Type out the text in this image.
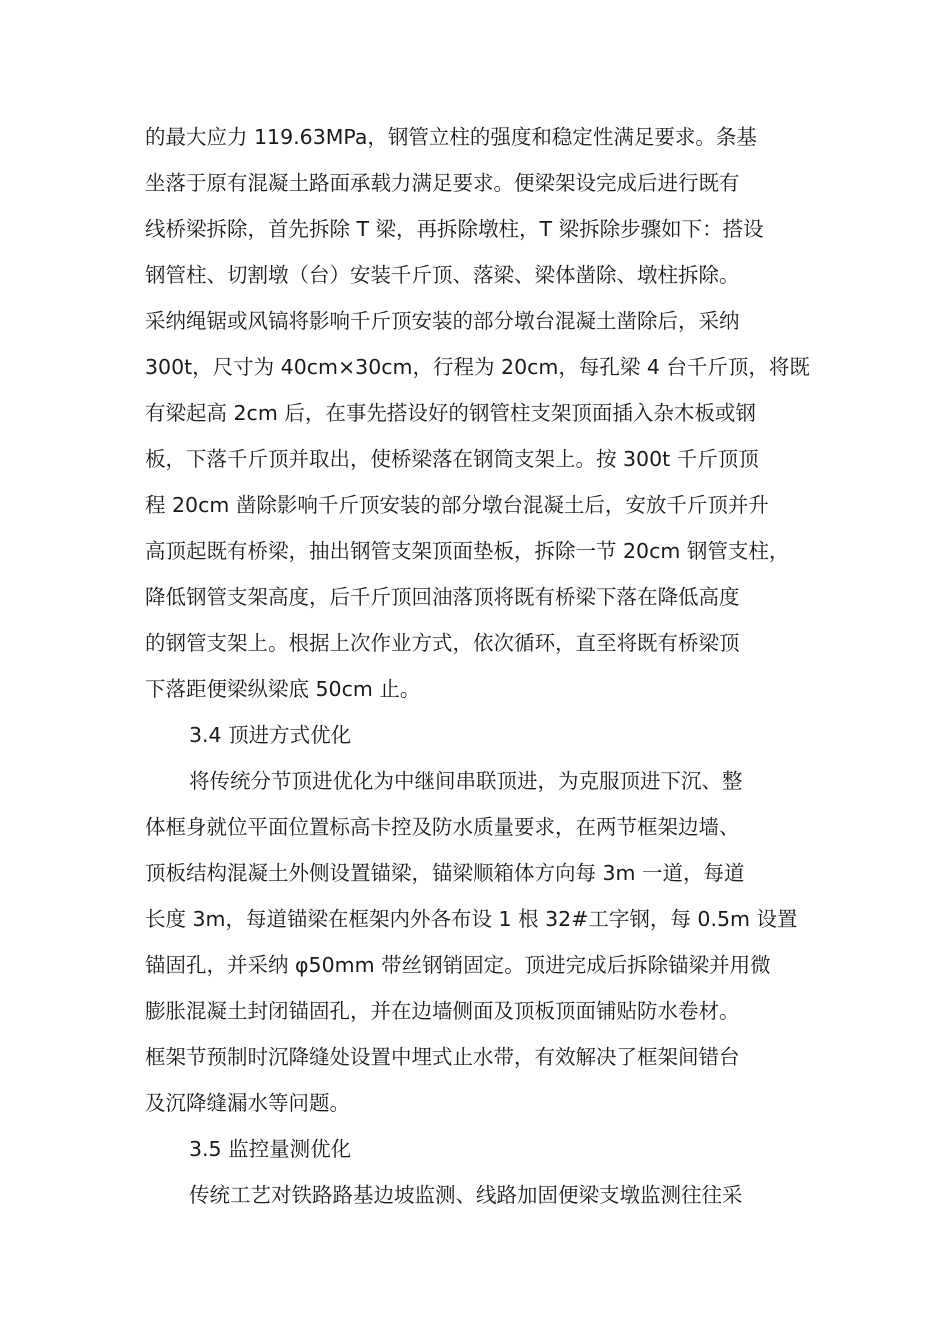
的最大应力 119.63MPa，钢管立柱的强度和稳定性满足要求。条基
坐落于原有混凝土路面承载力满足要求。便梁架设完成后进行既有
线桥梁拆除，首先拆除 T 梁，再拆除墩柱，T 梁拆除步骤如下：搭设
钢管柱、切割墩（台）安装千斤顶、落梁、梁体凿除、墩柱拆除。
采纳绳锯或风镐将影响千斤顶安装的部分墩台混凝土凿除后，采纳
300t，尺寸为 40cm×30cm，行程为 20cm，每孔梁 4 台千斤顶，将既
有梁起高 2cm 后，在事先搭设好的钢管柱支架顶面插入杂木板或钢
板，下落千斤顶并取出，使桥梁落在钢筒支架上。按 300t 千斤顶顶
程 20cm 凿除影响千斤顶安装的部分墩台混凝土后，安放千斤顶并升
高顶起既有桥梁，抽出钢管支架顶面垫板，拆除一节 20cm 钢管支柱，
降低钢管支架高度，后千斤顶回油落顶将既有桥梁下落在降低高度
的钢管支架上。根据上次作业方式，依次循环，直至将既有桥梁顶
下落距便梁纵梁底 50cm 止。
3.4 顶进方式优化
将传统分节顶进优化为中继间串联顶进，为克服顶进下沉、整
体框身就位平面位置标高卡控及防水质量要求，在两节框架边墙、
顶板结构混凝土外侧设置锚梁，锚梁顺箱体方向每 3m 一道，每道
长度 3m，每道锚梁在框架内外各布设 1 根 32#工字钢，每 0.5m 设置
锚固孔，并采纳 φ50mm 带丝钢销固定。顶进完成后拆除锚梁并用微
膨胀混凝土封闭锚固孔，并在边墙侧面及顶板顶面铺贴防水卷材。
框架节预制时沉降缝处设置中埋式止水带，有效解决了框架间错台
及沉降缝漏水等问题。
3.5 监控量测优化
传统工艺对铁路路基边坡监测、线路加固便梁支墩监测往往采
